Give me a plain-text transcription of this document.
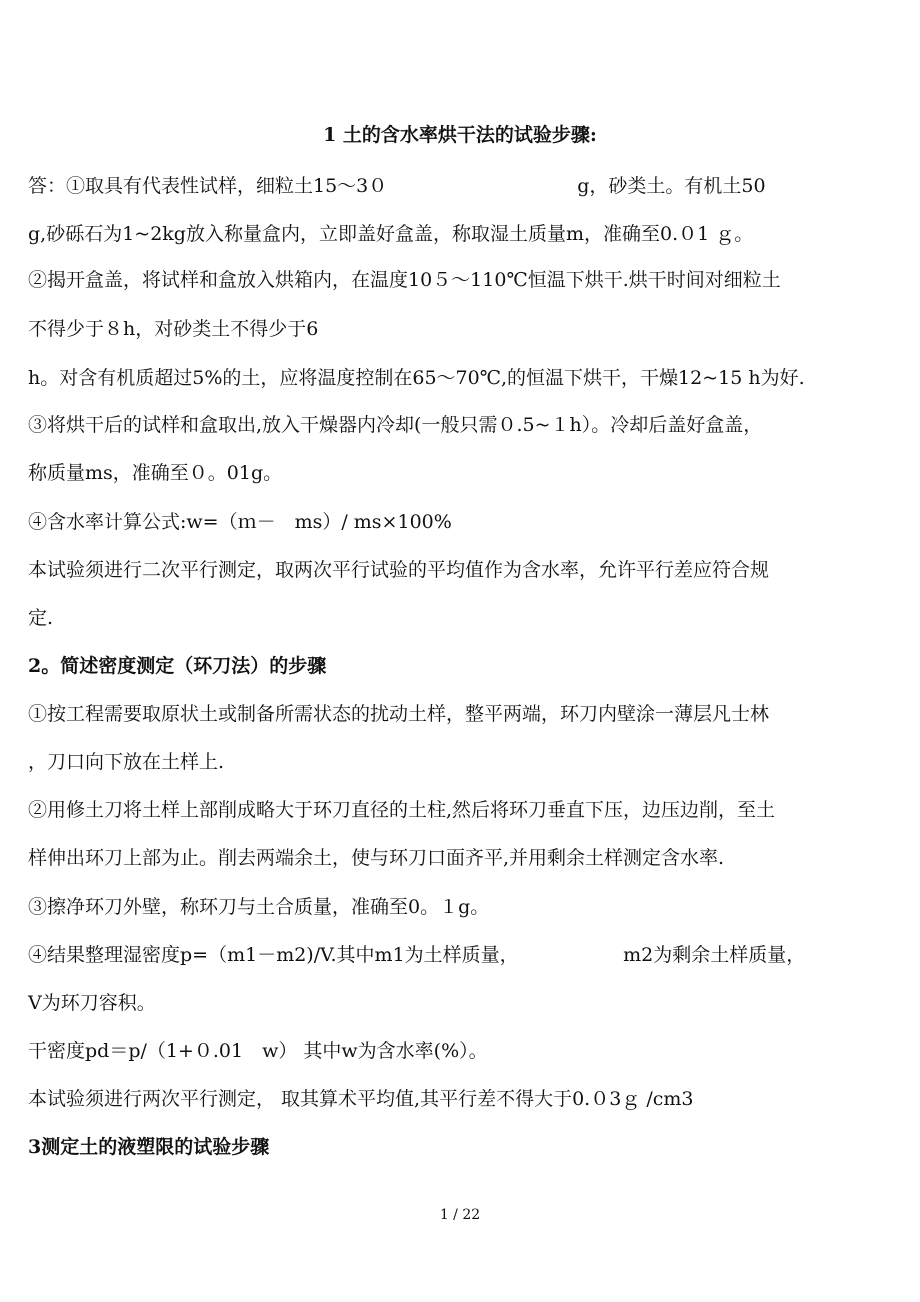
1 土的含水率烘干法的试验步骤:
答：①取具有代表性试样，细粒土15～3０　　　　　　　　　　g，砂类土。有机土50
g,砂砾石为1~2kg放入称量盒内，立即盖好盒盖，称取湿土质量m，准确至0.０1 ｇ。
②揭开盒盖，将试样和盒放入烘箱内，在温度10５～110℃恒温下烘干.烘干时间对细粒土
不得少于８h，对砂类土不得少于6
h。对含有机质超过5%的土，应将温度控制在65～70℃,的恒温下烘干，干燥12~15 h为好.
③将烘干后的试样和盒取出,放入干燥器内冷却(一般只需０.5~１h）。冷却后盖好盒盖，
称质量ms，准确至０。01g。
④含水率计算公式:w=（ｍ－　ms）/ ms×100%
本试验须进行二次平行测定，取两次平行试验的平均值作为含水率，允许平行差应符合规
定.
2。简述密度测定（环刀法）的步骤
①按工程需要取原状土或制备所需状态的扰动土样，整平两端，环刀内壁涂一薄层凡士林
，刀口向下放在土样上.
②用修土刀将土样上部削成略大于环刀直径的土柱,然后将环刀垂直下压，边压边削，至土
样伸出环刀上部为止。削去两端余土，使与环刀口面齐平,并用剩余土样测定含水率.
③擦净环刀外壁，称环刀与土合质量，准确至0。１g。
④结果整理湿密度p=（m1－m2)/V.其中m1为土样质量，　　　　　　m2为剩余土样质量，
V为环刀容积。
干密度pd＝p/（1+０.01　w） 其中w为含水率(%）。
本试验须进行两次平行测定， 取其算术平均值,其平行差不得大于0.０3ｇ /cm3
3测定土的液塑限的试验步骤
1 / 22
